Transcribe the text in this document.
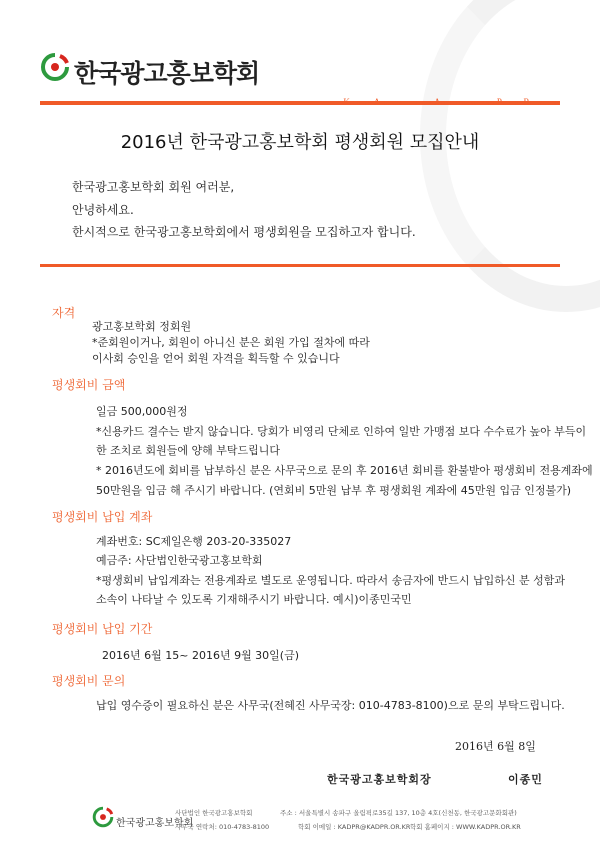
한국광고홍보학회
Korean Association for Advertising and Public Relations
2016년 한국광고홍보학회 평생회원 모집안내
한국광고홍보학회 회원 여러분,
안녕하세요.
한시적으로 한국광고홍보학회에서 평생회원을 모집하고자 합니다.
자격
광고홍보학회 정회원
*준회원이거나, 회원이 아니신 분은 회원 가입 절차에 따라
이사회 승인을 얻어 회원 자격을 획득할 수 있습니다
평생회비 금액
일금 500,000원정
*신용카드 결수는 받지 않습니다. 당회가 비영리 단체로 인하여 일반 가맹점 보다 수수료가 높아 부득이
한 조치로 회원들에 양해 부탁드립니다
* 2016년도에 회비를 납부하신 분은 사무국으로 문의 후 2016년 회비를 환불받아 평생회비 전용계좌에
50만원을 입금 해 주시기 바랍니다. (연회비 5만원 납부 후 평생회원 계좌에 45만원 입금 인정불가)
평생회비 납입 계좌
계좌번호: SC제일은행 203-20-335027
예금주: 사단법인한국광고홍보학회
*평생회비 납입계좌는 전용계좌로 별도로 운영됩니다. 따라서 송금자에 반드시 납입하신 분 성함과
소속이 나타날 수 있도록 기재해주시기 바랍니다. 예시)이종민국민
평생회비 납입 기간
2016년 6월 15~ 2016년 9월 30일(금)
평생회비 문의
납입 영수증이 필요하신 분은 사무국(전혜진 사무국장: 010-4783-8100)으로 문의 부탁드립니다.
2016년 6월 8일
한국광고홍보학회장	이종민
한국광고홍보학회
사단법인 한국광고홍보학회	주소 : 서울특별시 송파구 올림픽로35길 137, 10층 4호(신천동, 한국광고문화회관)
사무국 연락처: 010-4783-8100	학회 이메일 : KADPR@KADPR.OR.KR 학회 홈페이지 : WWW.KADPR.OR.KR
